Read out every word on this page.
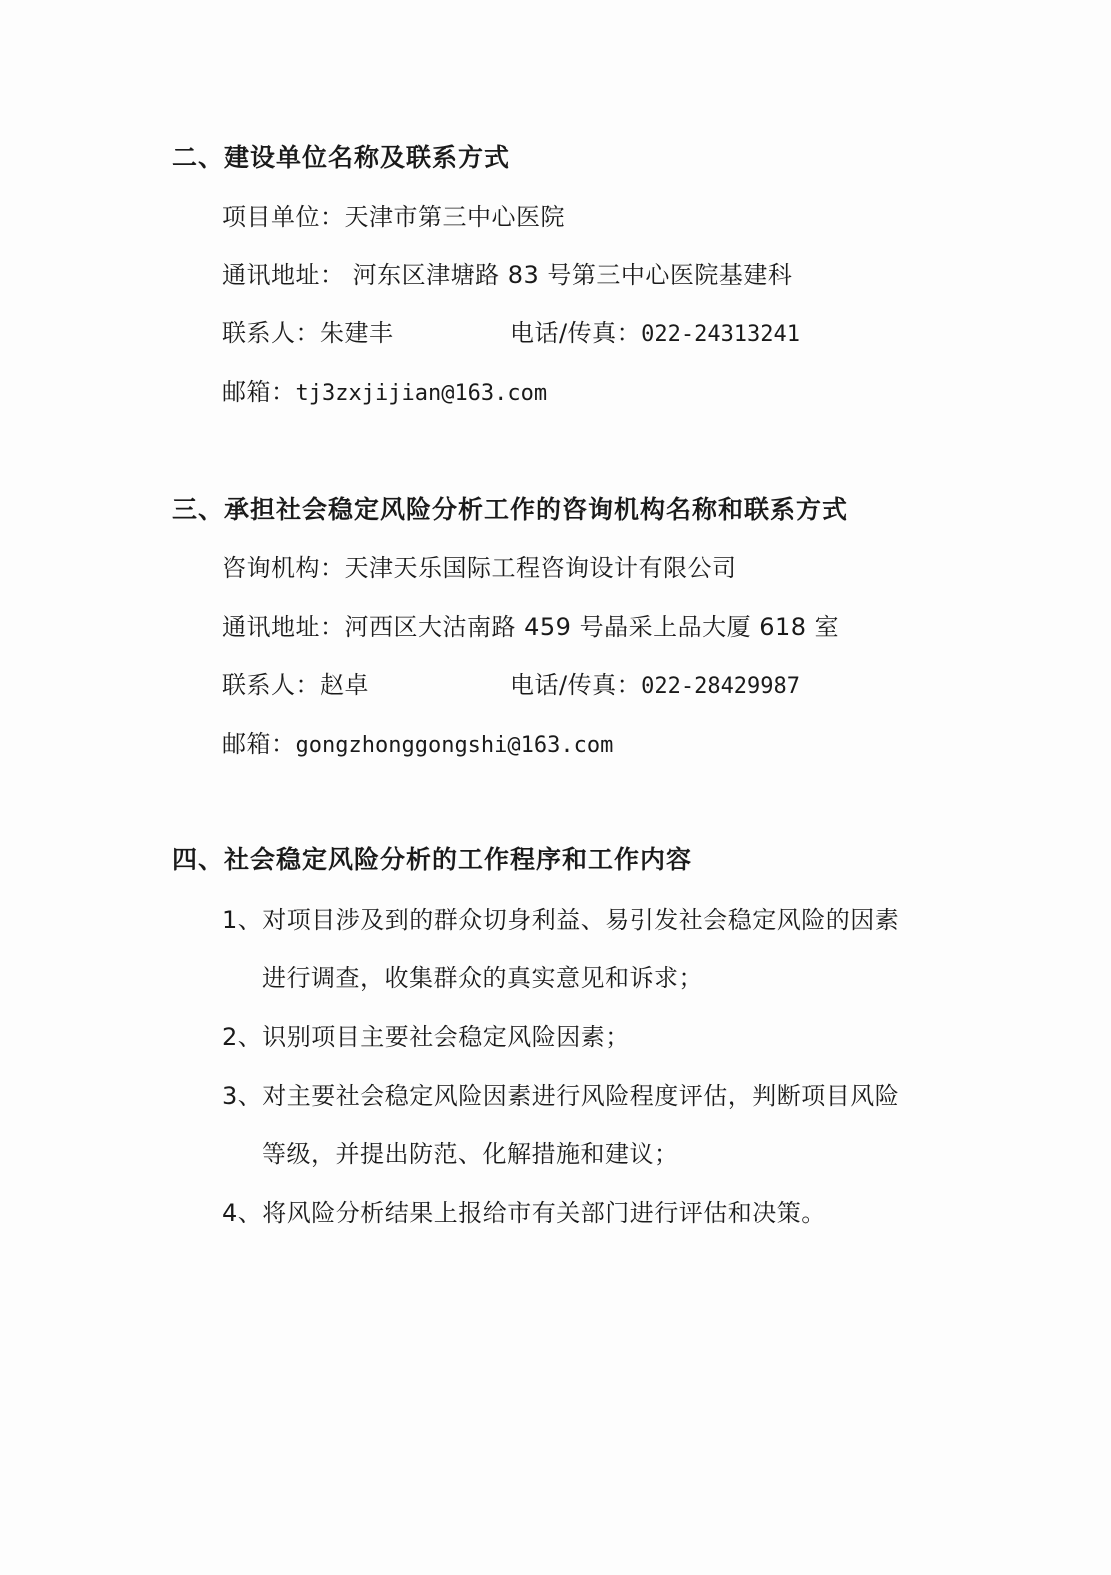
二、建设单位名称及联系方式
项目单位：天津市第三中心医院
通讯地址： 河东区津塘路 83 号第三中心医院基建科
联系人：朱建丰	电话/传真：022-24313241
邮箱：tj3zxjijian@163.com
三、承担社会稳定风险分析工作的咨询机构名称和联系方式
咨询机构：天津天乐国际工程咨询设计有限公司
通讯地址：河西区大沽南路 459 号晶采上品大厦 618 室
联系人：赵卓	电话/传真：022-28429987
邮箱：gongzhonggongshi@163.com
四、社会稳定风险分析的工作程序和工作内容
1、对项目涉及到的群众切身利益、易引发社会稳定风险的因素
进行调查，收集群众的真实意见和诉求；
2、识别项目主要社会稳定风险因素；
3、对主要社会稳定风险因素进行风险程度评估，判断项目风险
等级，并提出防范、化解措施和建议；
4、将风险分析结果上报给市有关部门进行评估和决策。
